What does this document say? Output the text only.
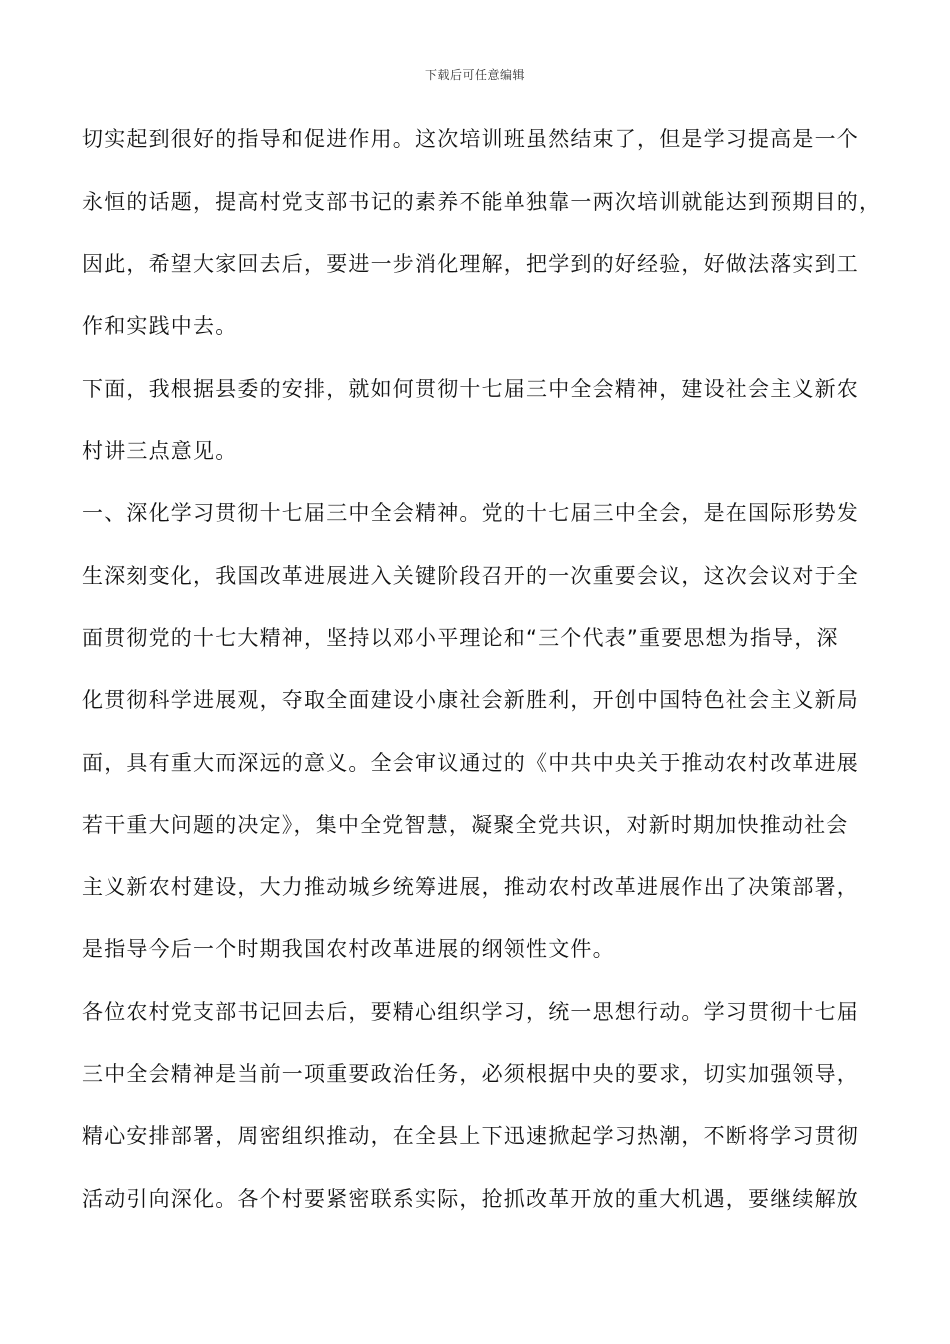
下载后可任意编辑
切实起到很好的指导和促进作用。这次培训班虽然结束了，但是学习提高是一个
永恒的话题，提高村党支部书记的素养不能单独靠一两次培训就能达到预期目的，
因此，希望大家回去后，要进一步消化理解，把学到的好经验，好做法落实到工
作和实践中去。
下面，我根据县委的安排，就如何贯彻十七届三中全会精神，建设社会主义新农
村讲三点意见。
一、深化学习贯彻十七届三中全会精神。党的十七届三中全会，是在国际形势发
生深刻变化，我国改革进展进入关键阶段召开的一次重要会议，这次会议对于全
面贯彻党的十七大精神，坚持以邓小平理论和“三个代表”重要思想为指导，深
化贯彻科学进展观，夺取全面建设小康社会新胜利，开创中国特色社会主义新局
面，具有重大而深远的意义。全会审议通过的《中共中央关于推动农村改革进展
若干重大问题的决定》，集中全党智慧，凝聚全党共识，对新时期加快推动社会
主义新农村建设，大力推动城乡统筹进展，推动农村改革进展作出了决策部署，
是指导今后一个时期我国农村改革进展的纲领性文件。
各位农村党支部书记回去后，要精心组织学习，统一思想行动。学习贯彻十七届
三中全会精神是当前一项重要政治任务，必须根据中央的要求，切实加强领导，
精心安排部署，周密组织推动，在全县上下迅速掀起学习热潮，不断将学习贯彻
活动引向深化。各个村要紧密联系实际，抢抓改革开放的重大机遇，要继续解放
